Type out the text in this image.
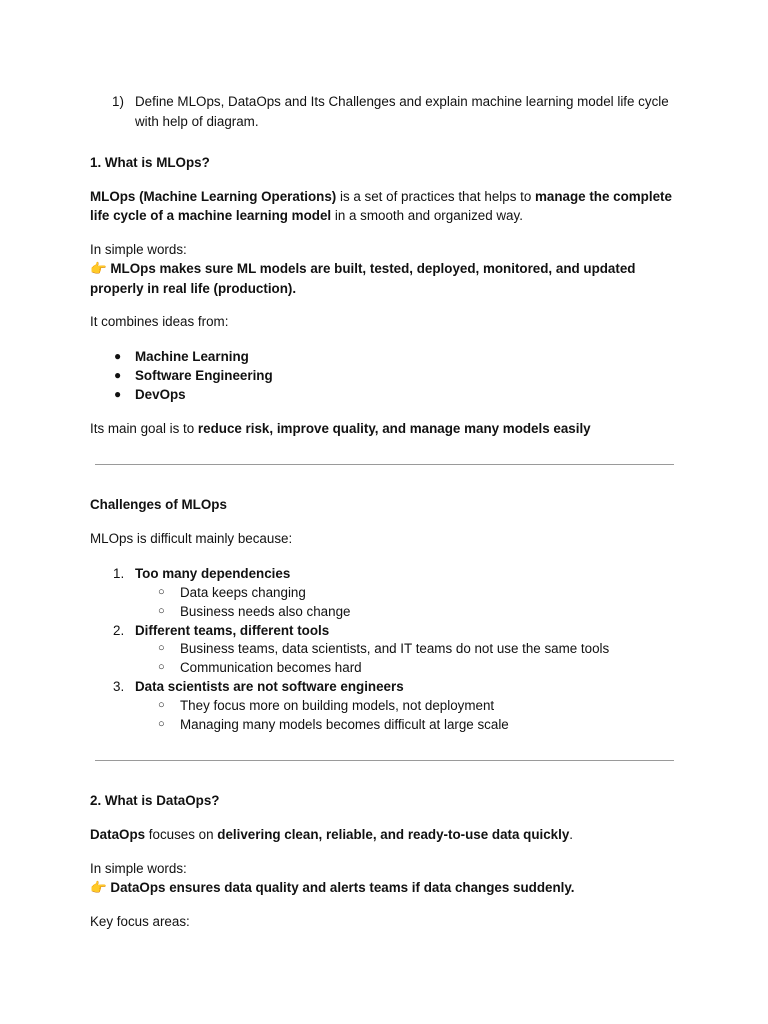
1) Define MLOps, DataOps and Its Challenges and explain machine learning model life cycle with help of diagram.

1. What is MLOps?

MLOps (Machine Learning Operations) is a set of practices that helps to manage the complete life cycle of a machine learning model in a smooth and organized way.

In simple words:

👉 MLOps makes sure ML models are built, tested, deployed, monitored, and updated properly in real life (production).

It combines ideas from:

● Machine Learning
● Software Engineering
● DevOps

Its main goal is to reduce risk, improve quality, and manage many models easily

Challenges of MLOps

MLOps is difficult mainly because:

1. Too many dependencies
○ Data keeps changing
○ Business needs also change
2. Different teams, different tools
○ Business teams, data scientists, and IT teams do not use the same tools
○ Communication becomes hard
3. Data scientists are not software engineers
○ They focus more on building models, not deployment
○ Managing many models becomes difficult at large scale

2. What is DataOps?

DataOps focuses on delivering clean, reliable, and ready-to-use data quickly.

In simple words:

👉 DataOps ensures data quality and alerts teams if data changes suddenly.

Key focus areas:
